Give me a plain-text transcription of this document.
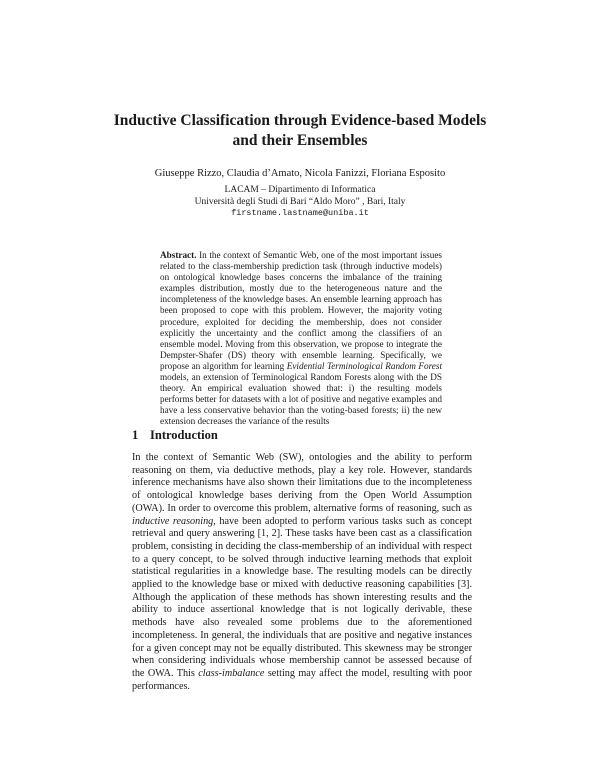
Inductive Classification through Evidence-based Models
and their Ensembles
Giuseppe Rizzo, Claudia d’Amato, Nicola Fanizzi, Floriana Esposito
LACAM – Dipartimento di Informatica
Università degli Studi di Bari “Aldo Moro” , Bari, Italy
firstname.lastname@uniba.it
Abstract. In the context of Semantic Web, one of the most important issues related to the class-membership prediction task (through inductive models) on ontological knowledge bases concerns the imbalance of the training examples distribution, mostly due to the heterogeneous nature and the incompleteness of the knowledge bases. An ensemble learning approach has been proposed to cope with this problem. However, the majority voting procedure, exploited for deciding the membership, does not consider explicitly the uncertainty and the conflict among the classifiers of an ensemble model. Moving from this observation, we propose to integrate the Dempster-Shafer (DS) theory with ensemble learning. Specifically, we propose an algorithm for learning Evidential Terminological Random Forest models, an extension of Terminological Random Forests along with the DS theory. An empirical evaluation showed that: i) the resulting models performs better for datasets with a lot of positive and negative examples and have a less conservative behavior than the voting-based forests; ii) the new extension decreases the variance of the results
1 Introduction
In the context of Semantic Web (SW), ontologies and the ability to perform reasoning on them, via deductive methods, play a key role. However, standards inference mechanisms have also shown their limitations due to the incompleteness of ontological knowledge bases deriving from the Open World Assumption (OWA). In order to overcome this problem, alternative forms of reasoning, such as inductive reasoning, have been adopted to perform various tasks such as concept retrieval and query answering [1, 2]. These tasks have been cast as a classification problem, consisting in deciding the class-membership of an individual with respect to a query concept, to be solved through inductive learning methods that exploit statistical regularities in a knowledge base. The resulting models can be directly applied to the knowledge base or mixed with deductive reasoning capabilities [3]. Although the application of these methods has shown interesting results and the ability to induce assertional knowledge that is not logically derivable, these methods have also revealed some problems due to the aforementioned incompleteness. In general, the individuals that are positive and negative instances for a given concept may not be equally distributed. This skewness may be stronger when considering individuals whose membership cannot be assessed because of the OWA. This class-imbalance setting may affect the model, resulting with poor performances.
